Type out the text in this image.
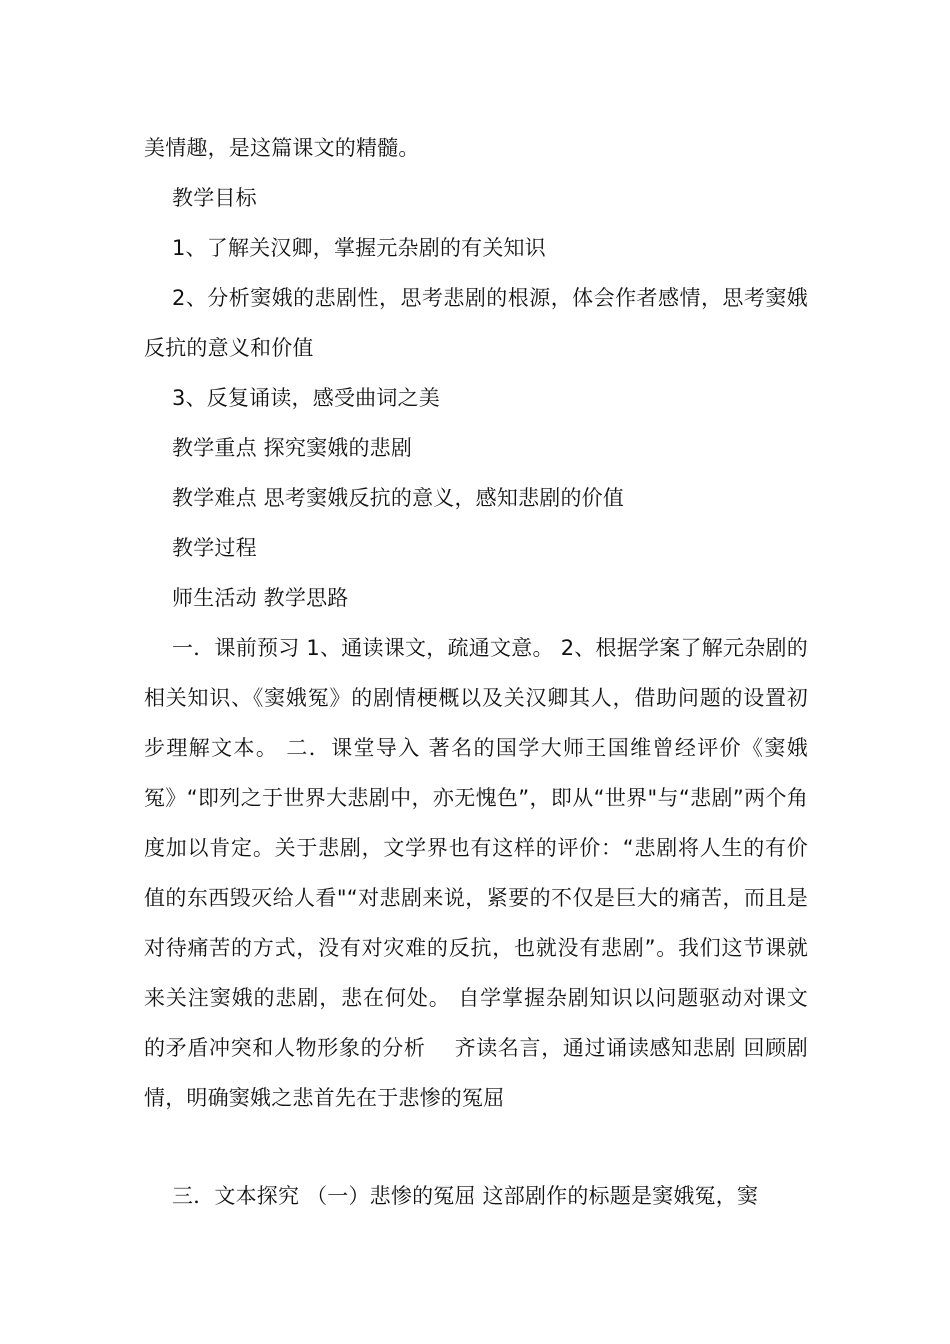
美情趣，是这篇课文的精髓。

教学目标

1、了解关汉卿，掌握元杂剧的有关知识

2、分析窦娥的悲剧性，思考悲剧的根源，体会作者感情，思考窦娥反抗的意义和价值

3、反复诵读，感受曲词之美

教学重点 探究窦娥的悲剧

教学难点 思考窦娥反抗的意义，感知悲剧的价值

教学过程

师生活动 教学思路

一．课前预习 1、通读课文，疏通文意。 2、根据学案了解元杂剧的相关知识、《窦娥冤》的剧情梗概以及关汉卿其人，借助问题的设置初步理解文本。 二．课堂导入 著名的国学大师王国维曾经评价《窦娥冤》“即列之于世界大悲剧中，亦无愧色”，即从“世界"与“悲剧”两个角度加以肯定。关于悲剧，文学界也有这样的评价：“悲剧将人生的有价值的东西毁灭给人看"“对悲剧来说，紧要的不仅是巨大的痛苦，而且是对待痛苦的方式，没有对灾难的反抗，也就没有悲剧”。我们这节课就来关注窦娥的悲剧，悲在何处。 自学掌握杂剧知识以问题驱动对课文的矛盾冲突和人物形象的分析　 齐读名言，通过诵读感知悲剧 回顾剧情，明确窦娥之悲首先在于悲惨的冤屈

三．文本探究 （一）悲惨的冤屈 这部剧作的标题是窦娥冤，窦
